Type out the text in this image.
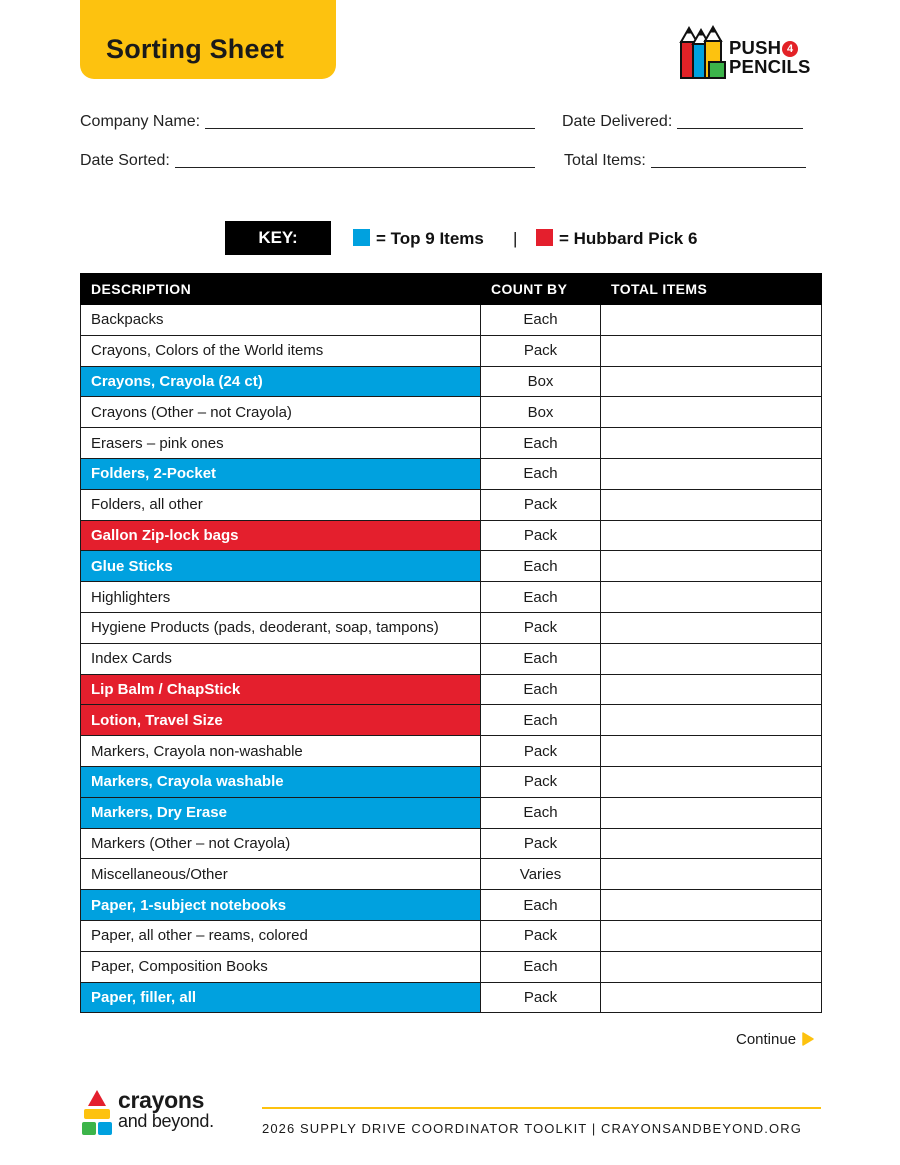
Sorting Sheet	PUSH 4
PENCILS
Company Name:	Date Delivered:
Date Sorted:	Total Items:
KEY:	= Top 9 Items |	= Hubbard Pick 6
DESCRIPTION	COUNT BY	TOTAL ITEMS
Backpacks	Each	
Crayons, Colors of the World items	Pack	
Crayons, Crayola (24 ct)	Box	
Crayons (Other – not Crayola)	Box	
Erasers – pink ones	Each	
Folders, 2-Pocket	Each	
Folders, all other	Pack	
Gallon Zip-lock bags	Pack	
Glue Sticks	Each	
Highlighters	Each	
Hygiene Products (pads, deoderant, soap, tampons)	Pack	
Index Cards	Each	
Lip Balm / ChapStick	Each	
Lotion, Travel Size	Each	
Markers, Crayola non-washable	Pack	
Markers, Crayola washable	Pack	
Markers, Dry Erase	Each	
Markers (Other – not Crayola)	Pack	
Miscellaneous/Other	Varies	
Paper, 1-subject notebooks	Each	
Paper, all other – reams, colored	Pack	
Paper, Composition Books	Each	
Paper, filler, all	Pack	
Continue
crayons
and beyond.	2026 SUPPLY DRIVE COORDINATOR TOOLKIT | CRAYONSANDBEYOND.ORG
